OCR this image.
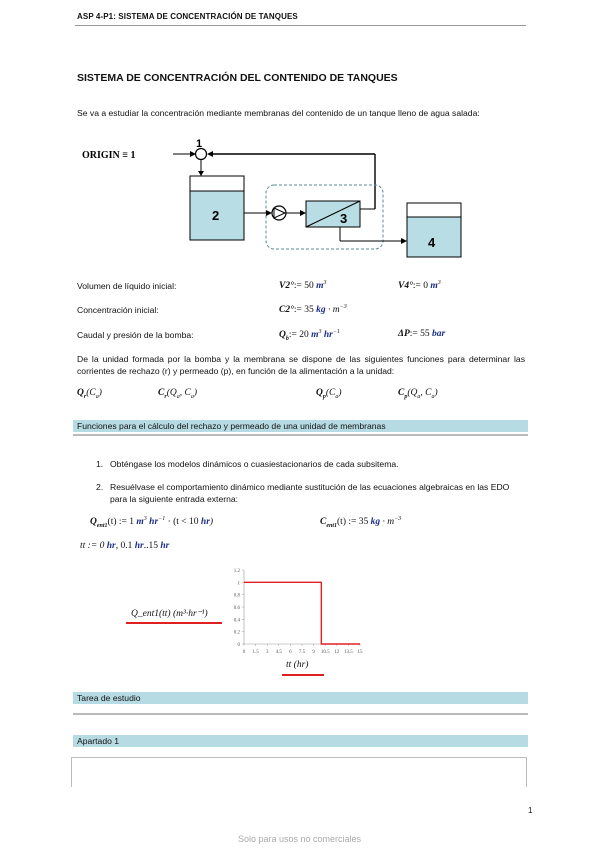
ASP 4-P1: SISTEMA DE CONCENTRACIÓN DE TANQUES
SISTEMA DE CONCENTRACIÓN DEL CONTENIDO DE TANQUES
Se va a estudiar la concentración mediante membranas del contenido de un tanque lleno de agua salada:
ORIGIN ≡ 1
1
2	3
4
Volumen de líquido inicial:	V2°:= 50 $m^3$	V4°:= 0 $m^3$
Concentración inicial:	C2°:= 35 kg · $m^{-3}$
Caudal y presión de la bomba:	$Q_b:= 20$ $m^3$ $hr^{-1}$	ΔP:= 55 bar
De la unidad formada por la bomba y la membrana se dispone de las siguientes funciones para determinar las corrientes de rechazo (r) y permeado (p), en función de la alimentación a la unidad:
$Q_r(C_a)$	$C_r(Q_a$, $C_a$)	$Q_p(C_a)$	$C_p(Q_a$, $C_a$)
Funciones para el cálculo del rechazo y permeado de una unidad de membranas
1. Obténgase los modelos dinámicos o cuasiestacionarios de cada subsitema.
2. Resuélvase el comportamiento dinámico mediante sustitución de las ecuaciones algebraicas en las EDO para la siguiente entrada externa:
$Q_{ent1}(t)$ := 1 $m^3$ $hr^{-1} \cdot (t < 10$ hr)	$C_{ent1}(t)$ := 35 kg · $m^{-3}$
tt := 0 hr, 0.1 hr..15 hr
Q_ent1(tt) (m³·hr⁻¹)
tt (hr)
0
0.2
0.4
0.6
0.8
1
1.2
0 1.5 3 4.5 6 7.5 9 10.5 12 13.5 15
Tarea de estudio
Apartado 1
1
Solo para usos no comerciales
